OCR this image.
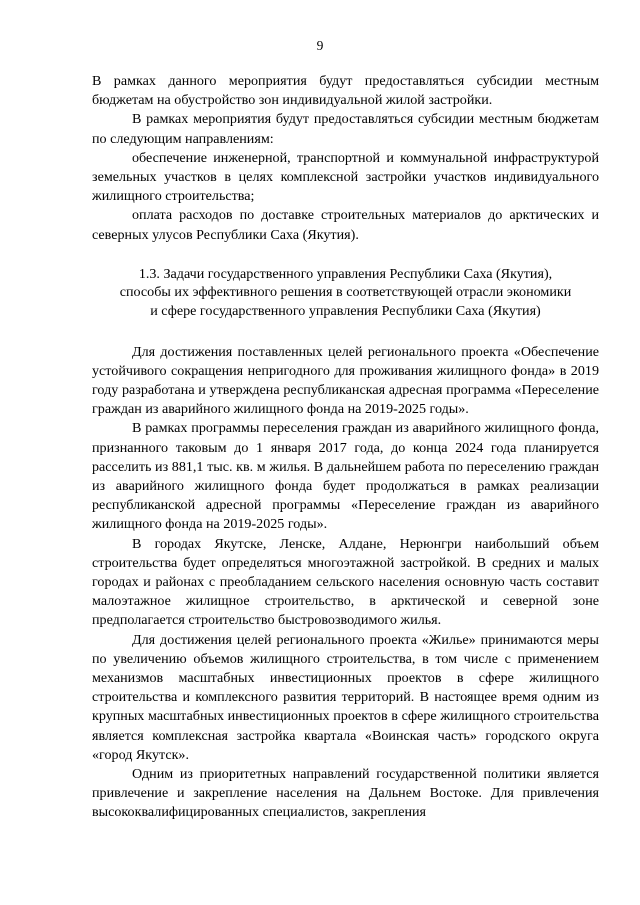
9

В рамках данного мероприятия будут предоставляться субсидии местным бюджетам на обустройство зон индивидуальной жилой застройки.

В рамках мероприятия будут предоставляться субсидии местным бюджетам по следующим направлениям:

обеспечение инженерной, транспортной и коммунальной инфраструктурой земельных участков в целях комплексной застройки участков индивидуального жилищного строительства;

оплата расходов по доставке строительных материалов до арктических и северных улусов Республики Саха (Якутия).

1.3. Задачи государственного управления Республики Саха (Якутия),
способы их эффективного решения в соответствующей отрасли экономики
и сфере государственного управления Республики Саха (Якутия)

Для достижения поставленных целей регионального проекта «Обеспечение устойчивого сокращения непригодного для проживания жилищного фонда» в 2019 году разработана и утверждена республиканская адресная программа «Переселение граждан из аварийного жилищного фонда на 2019-2025 годы».

В рамках программы переселения граждан из аварийного жилищного фонда, признанного таковым до 1 января 2017 года, до конца 2024 года планируется расселить из 881,1 тыс. кв. м жилья. В дальнейшем работа по переселению граждан из аварийного жилищного фонда будет продолжаться в рамках реализации республиканской адресной программы «Переселение граждан из аварийного жилищного фонда на 2019-2025 годы».

В городах Якутске, Ленске, Алдане, Нерюнгри наибольший объем строительства будет определяться многоэтажной застройкой. В средних и малых городах и районах с преобладанием сельского населения основную часть составит малоэтажное жилищное строительство, в арктической и северной зоне предполагается строительство быстровозводимого жилья.

Для достижения целей регионального проекта «Жилье» принимаются меры по увеличению объемов жилищного строительства, в том числе с применением механизмов масштабных инвестиционных проектов в сфере жилищного строительства и комплексного развития территорий. В настоящее время одним из крупных масштабных инвестиционных проектов в сфере жилищного строительства является комплексная застройка квартала «Воинская часть» городского округа «город Якутск».

Одним из приоритетных направлений государственной политики является привлечение и закрепление населения на Дальнем Востоке. Для привлечения высококвалифицированных специалистов, закрепления
